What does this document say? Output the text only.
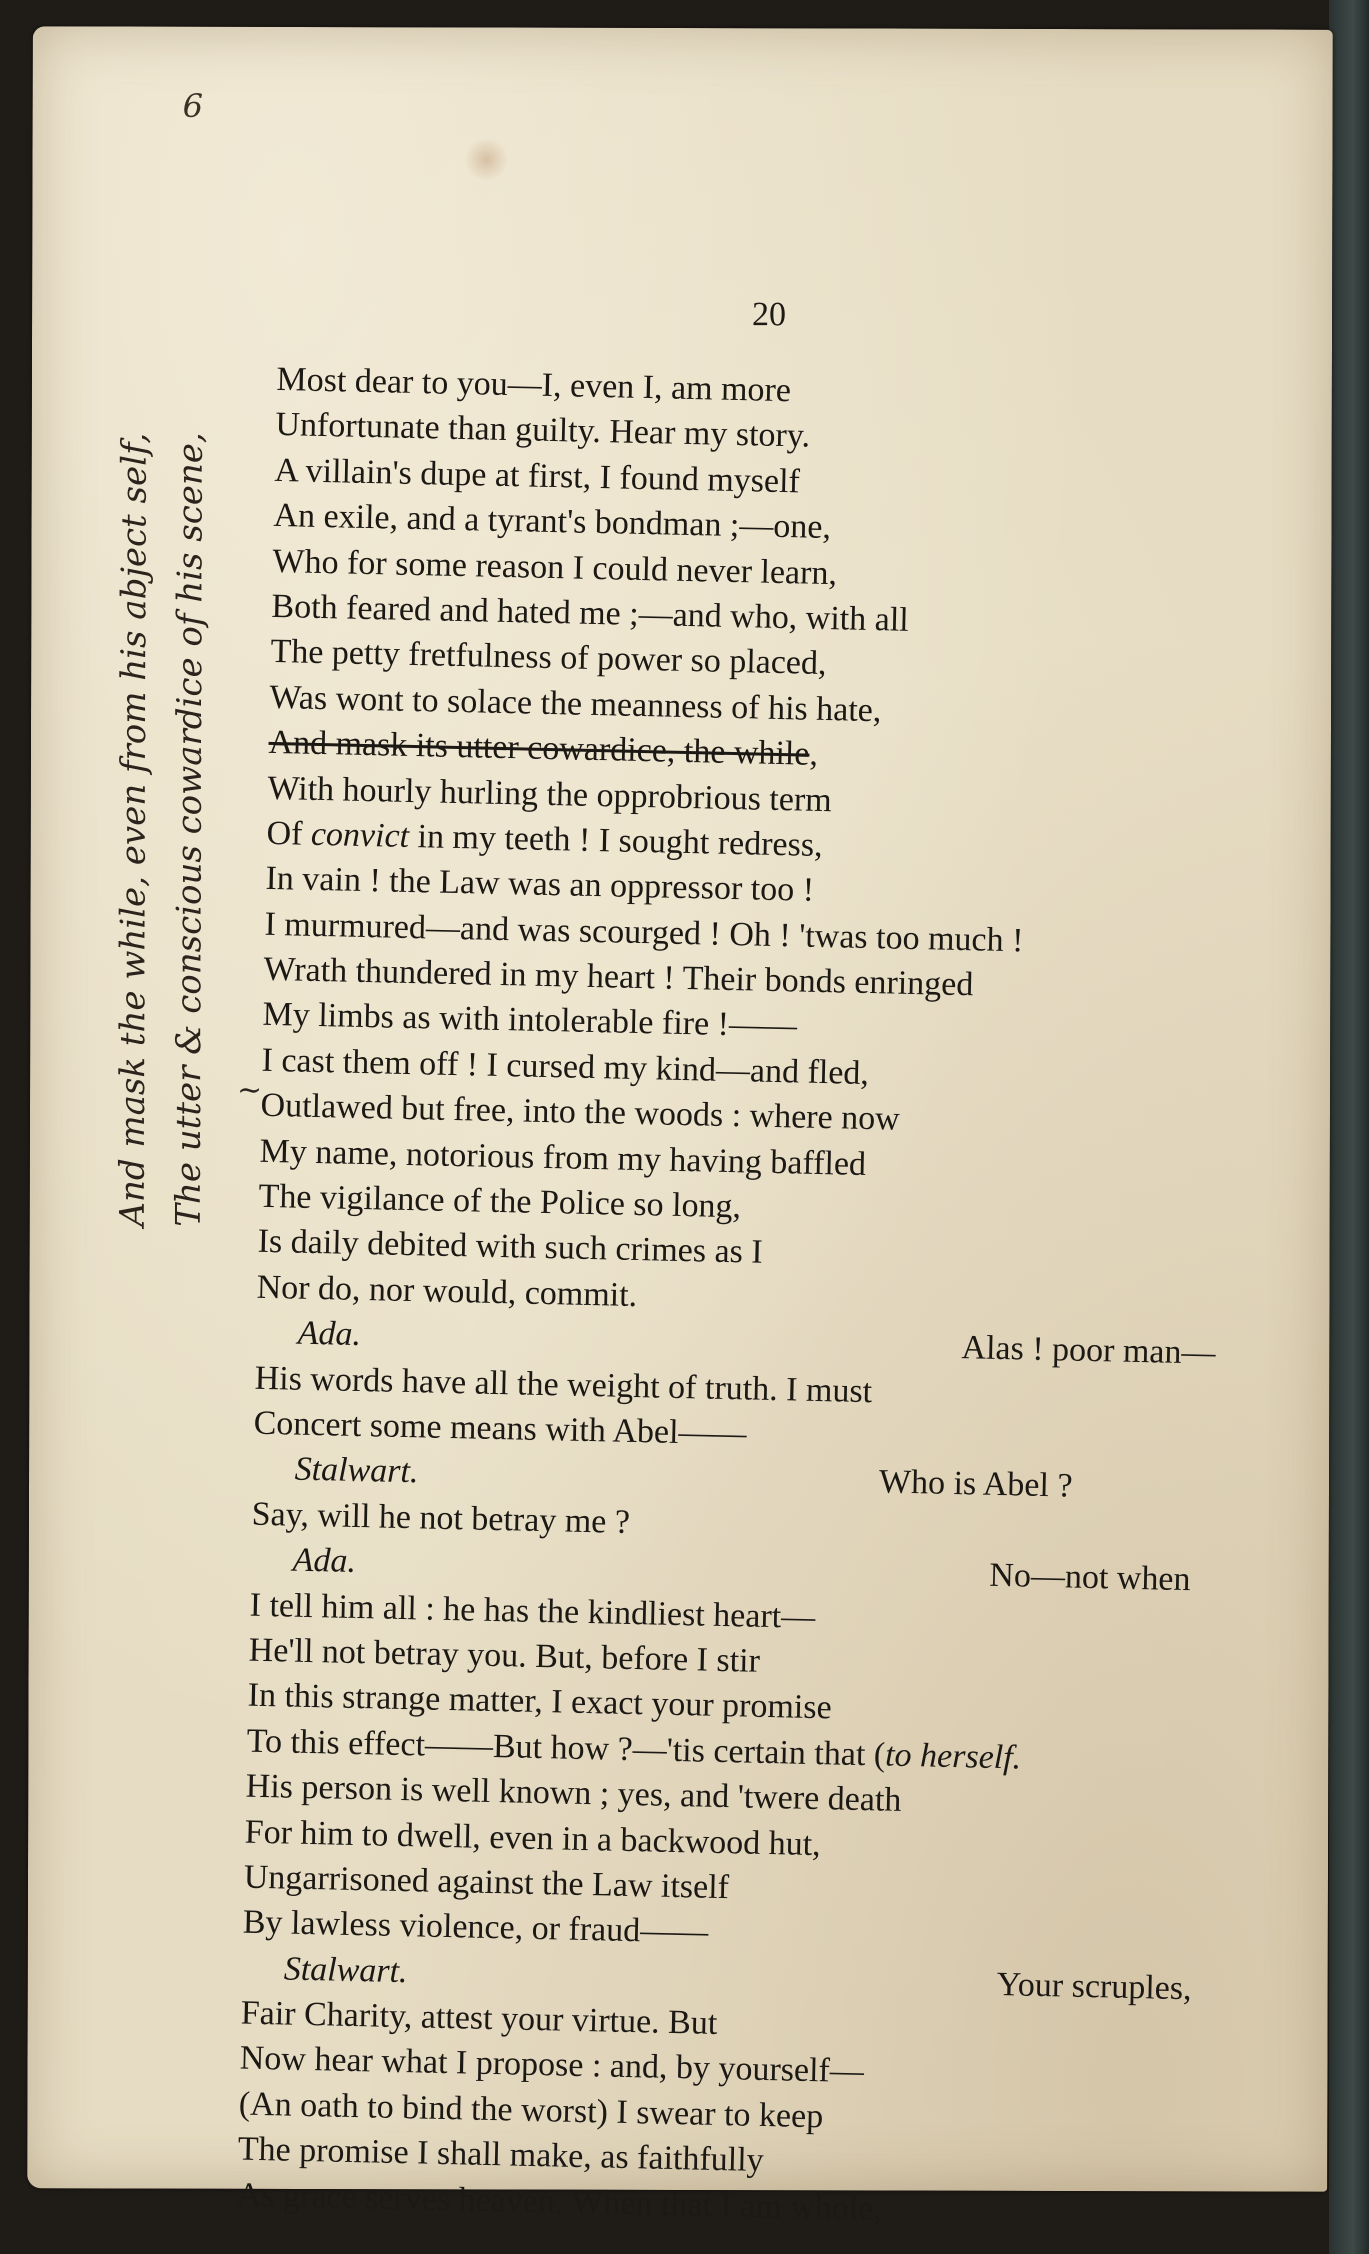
6
20
And mask the while, even from his abject self, The utter & conscious cowardice of his scene, ~
Most dear to you—I, even I, am more
Unfortunate than guilty. Hear my story.
A villain's dupe at first, I found myself
An exile, and a tyrant's bondman ;—one,
Who for some reason I could never learn,
Both feared and hated me ;—and who, with all
The petty fretfulness of power so placed,
Was wont to solace the meanness of his hate,
And mask its utter cowardice, the while,
With hourly hurling the opprobrious term
Of convict in my teeth ! I sought redress,
In vain ! the Law was an oppressor too !
I murmured—and was scourged ! Oh ! 'twas too much !
Wrath thundered in my heart ! Their bonds enringed
My limbs as with intolerable fire !——
I cast them off ! I cursed my kind—and fled,
Outlawed but free, into the woods : where now
My name, notorious from my having baffled
The vigilance of the Police so long,
Is daily debited with such crimes as I
Nor do, nor would, commit.
Ada.	Alas ! poor man—
His words have all the weight of truth. I must
Concert some means with Abel——
Stalwart.	Who is Abel ?
Say, will he not betray me ?
Ada.	No—not when
I tell him all : he has the kindliest heart—
He'll not betray you. But, before I stir
In this strange matter, I exact your promise
To this effect——But how ?—'tis certain that (to herself.
His person is well known ; yes, and 'twere death
For him to dwell, even in a backwood hut,
Ungarrisoned against the Law itself
By lawless violence, or fraud——
Stalwart.	Your scruples,
Fair Charity, attest your virtue. But
Now hear what I propose : and, by yourself—
(An oath to bind the worst) I swear to keep
The promise I shall make, as faithfully
As grace serves heaven. When that I am whole,
